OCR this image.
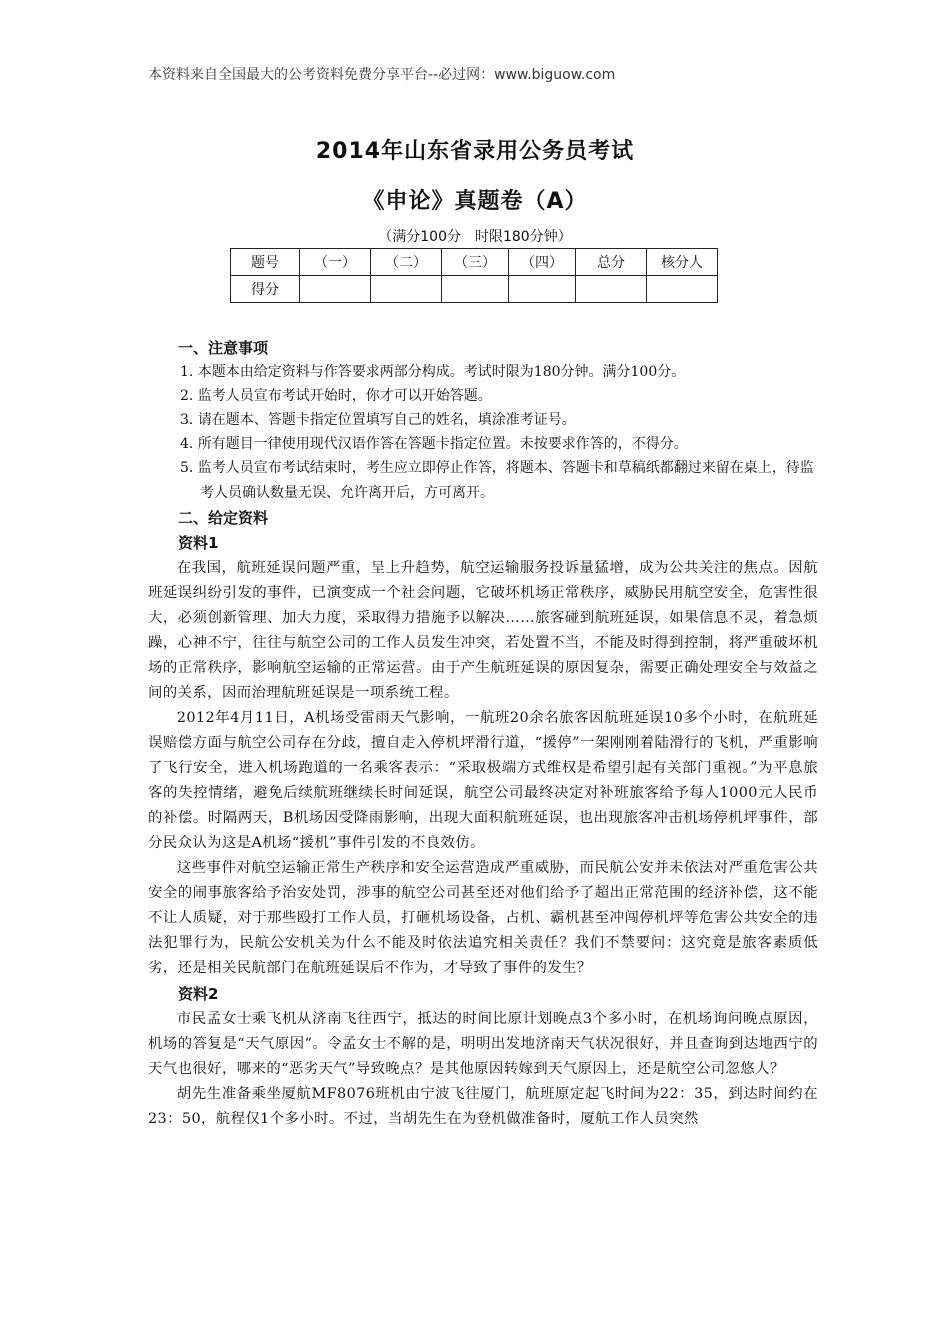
本资料来自全国最大的公考资料免费分享平台--必过网：www.biguow.com
2014年山东省录用公务员考试
《申论》真题卷（A）
（满分100分　时限180分钟）
题号	（一）	（二）	（三）	（四）	总分	核分人
得分						
一、注意事项
1. 本题本由给定资料与作答要求两部分构成。考试时限为180分钟。满分100分。
2. 监考人员宣布考试开始时，你才可以开始答题。
3. 请在题本、答题卡指定位置填写自己的姓名，填涂准考证号。
4. 所有题目一律使用现代汉语作答在答题卡指定位置。未按要求作答的，不得分。
5. 监考人员宣布考试结束时，考生应立即停止作答，将题本、答题卡和草稿纸都翻过来留在桌上，待监考人员确认数量无误、允许离开后，方可离开。
二、给定资料
资料1

在我国，航班延误问题严重，呈上升趋势，航空运输服务投诉量猛增，成为公共关注的焦点。因航班延误纠纷引发的事件，已演变成一个社会问题，它破坏机场正常秩序，威胁民用航空安全，危害性很大，必须创新管理、加大力度，采取得力措施予以解决……旅客碰到航班延误，如果信息不灵，着急烦躁，心神不宁，往往与航空公司的工作人员发生冲突，若处置不当，不能及时得到控制，将严重破坏机场的正常秩序，影响航空运输的正常运营。由于产生航班延误的原因复杂，需要正确处理安全与效益之间的关系，因而治理航班延误是一项系统工程。

2012年4月11日，A机场受雷雨天气影响，一航班20余名旅客因航班延误10多个小时，在航班延误赔偿方面与航空公司存在分歧，擅自走入停机坪滑行道，“援停”一架刚刚着陆滑行的飞机，严重影响了飞行安全，进入机场跑道的一名乘客表示：“采取极端方式维权是希望引起有关部门重视。”为平息旅客的失控情绪，避免后续航班继续长时间延误，航空公司最终决定对补班旅客给予每人1000元人民币的补偿。时隔两天，B机场因受降雨影响，出现大面积航班延误，也出现旅客冲击机场停机坪事件，部分民众认为这是A机场“援机”事件引发的不良效仿。

这些事件对航空运输正常生产秩序和安全运营造成严重威胁，而民航公安并未依法对严重危害公共安全的闹事旅客给予治安处罚，涉事的航空公司甚至还对他们给予了超出正常范围的经济补偿，这不能不让人质疑，对于那些殴打工作人员，打砸机场设备，占机、霸机甚至冲闯停机坪等危害公共安全的违法犯罪行为，民航公安机关为什么不能及时依法追究相关责任？我们不禁要问：这究竟是旅客素质低劣，还是相关民航部门在航班延误后不作为，才导致了事件的发生？

资料2

市民孟女士乘飞机从济南飞往西宁，抵达的时间比原计划晚点3个多小时，在机场询问晚点原因，机场的答复是“天气原因”。令孟女士不解的是，明明出发地济南天气状况很好，并且查询到达地西宁的天气也很好，哪来的“恶劣天气”导致晚点？是其他原因转嫁到天气原因上，还是航空公司忽悠人？

胡先生准备乘坐厦航MF8076班机由宁波飞往厦门，航班原定起飞时间为22：35，到达时间约在23：50，航程仅1个多小时。不过，当胡先生在为登机做准备时，厦航工作人员突然
